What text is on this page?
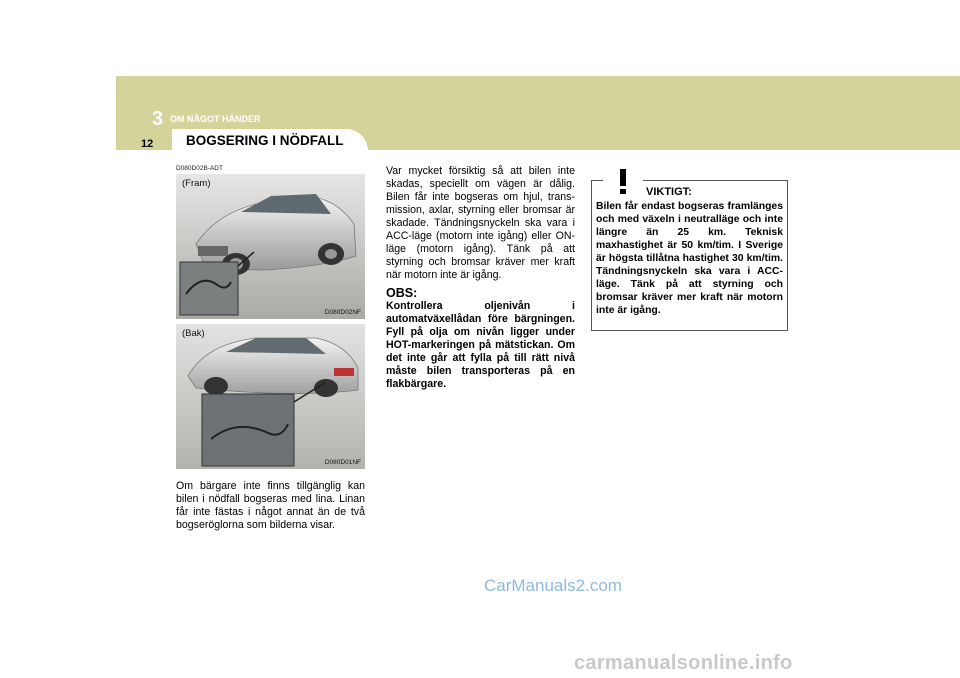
3 OM NÅGOT HÄNDER
BOGSERING I NÖDFALL
12
D080D02B-ADT
(Fram)
D080D02NF
(Bak)
D080D01NF
Om bärgare inte finns tillgänglig kan bilen i nödfall bogseras med lina. Linan får inte fästas i något annat än de två bogseröglorna som bilderna visar.
Var mycket försiktig så att bilen inte skadas, speciellt om vägen är dålig. Bilen får inte bogseras om hjul, trans-mission, axlar, styrning eller bromsar är skadade. Tändningsnyckeln ska vara i ACC-läge (motorn inte igång) eller ON-läge (motorn igång). Tänk på att styrning och bromsar kräver mer kraft när motorn inte är igång.
OBS:
Kontrollera oljenivån i automatväxellådan före bärgningen. Fyll på olja om nivån ligger under HOT-markeringen på mätstickan. Om det inte går att fylla på till rätt nivå måste bilen transporteras på en flakbärgare.
VIKTIGT:
Bilen får endast bogseras framlänges och med växeln i neutralläge och inte längre än 25 km. Teknisk maxhastighet är 50 km/tim. I Sverige är högsta tillåtna hastighet 30 km/tim. Tändningsnyckeln ska vara i ACC-läge. Tänk på att styrning och bromsar kräver mer kraft när motorn inte är igång.
CarManuals2.com
carmanualsonline.info
